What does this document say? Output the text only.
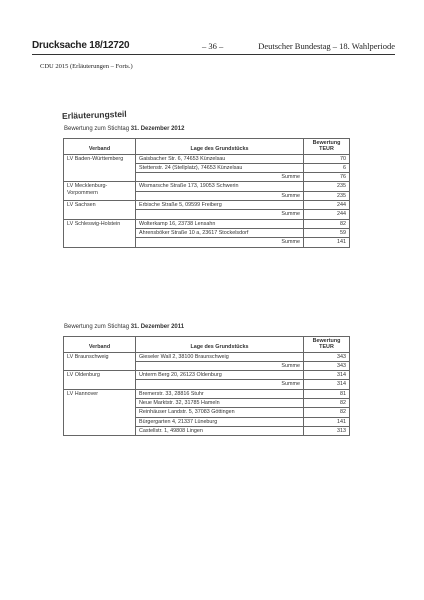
Drucksache 18/12720	– 36 –	Deutscher Bundestag – 18. Wahlperiode
CDU 2015 (Erläuterungen – Forts.)
Erläuterungsteil
Bewertung zum Stichtag 31. Dezember 2012
Verband	Lage des Grundstücks	Bewertung TEUR
LV Baden-Württemberg	Gaisbacher Str. 6, 74653 Künzelsau	70
	Stettenstr. 24 (Stellplatz), 74653 Künzelsau	6
	Summe	76
LV Mecklenburg-Vorpommern	Wismarsche Straße 173, 19053 Schwerin	235
	Summe	235
LV Sachsen	Erbische Straße 5, 09599 Freiberg	244
	Summe	244
LV Schleswig-Holstein	Wolterkamp 16, 23738 Lensahn	82
	Ahrensböker Straße 10 a, 23617 Stockelsdorf	59
	Summe	141
Bewertung zum Stichtag 31. Dezember 2011
Verband	Lage des Grundstücks	Bewertung TEUR
LV Braunschweig	Gieseler Wall 2, 38100 Braunschweig	343
	Summe	343
LV Oldenburg	Unterm Berg 20, 26123 Oldenburg	314
	Summe	314
LV Hannover	Bremerstr. 33, 28816 Stuhr	81
	Neue Marktstr. 32, 31785 Hameln	82
	Reinhäuser Landstr. 5, 37083 Göttingen	82
	Bürgergarten 4, 21337 Lüneburg	141
	Castellstr. 1, 49808 Lingen	313
